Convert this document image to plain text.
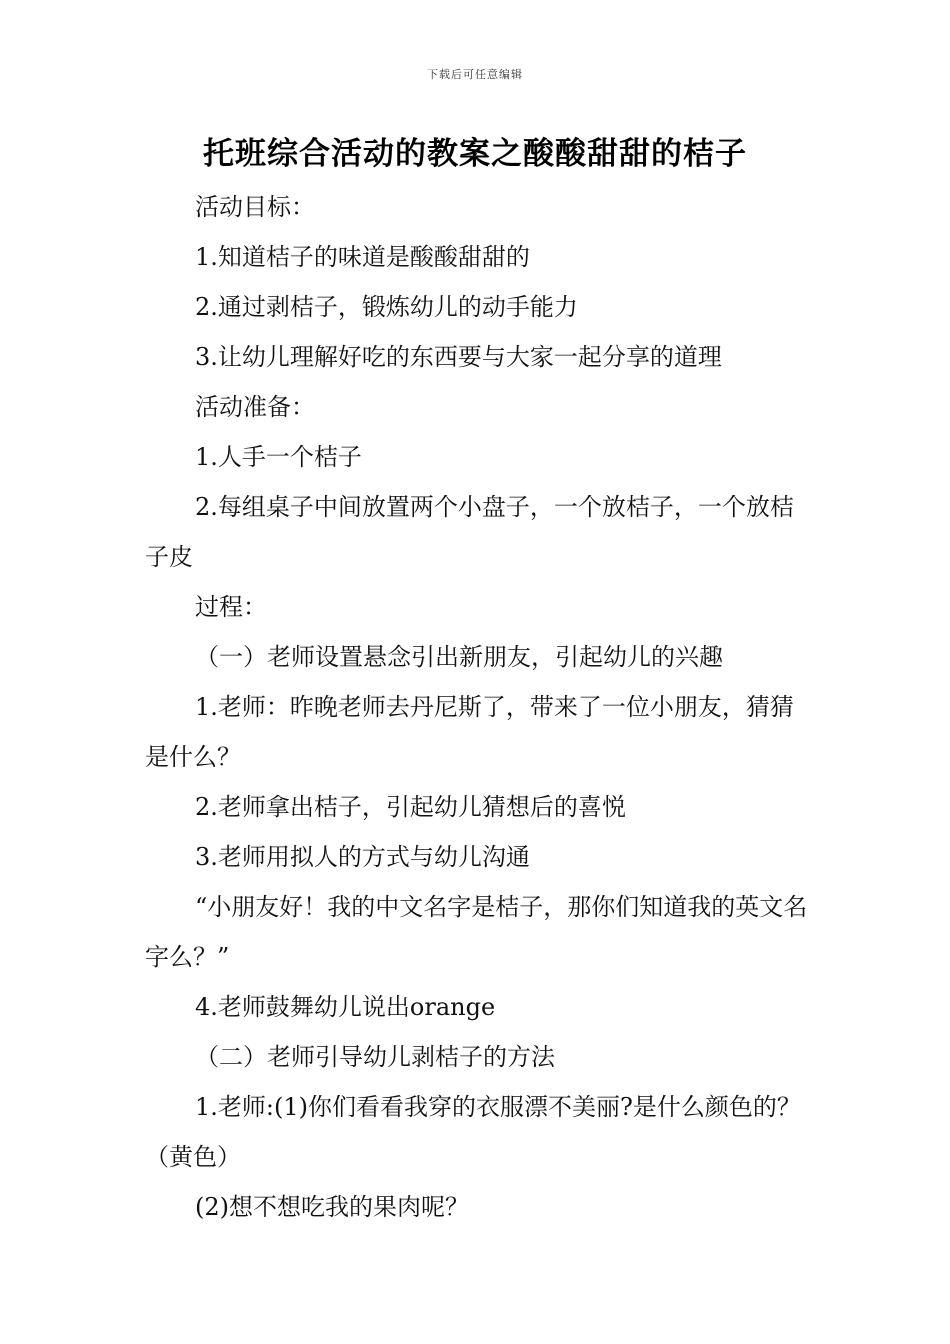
下载后可任意编辑
托班综合活动的教案之酸酸甜甜的桔子

活动目标：

1.知道桔子的味道是酸酸甜甜的

2.通过剥桔子，锻炼幼儿的动手能力

3.让幼儿理解好吃的东西要与大家一起分享的道理

活动准备：

1.人手一个桔子

2.每组桌子中间放置两个小盘子，一个放桔子，一个放桔子皮

过程：

（一）老师设置悬念引出新朋友，引起幼儿的兴趣

1.老师：昨晚老师去丹尼斯了，带来了一位小朋友，猜猜是什么？

2.老师拿出桔子，引起幼儿猜想后的喜悦

3.老师用拟人的方式与幼儿沟通

“小朋友好！我的中文名字是桔子，那你们知道我的英文名字么？”

4.老师鼓舞幼儿说出orange

（二）老师引导幼儿剥桔子的方法

1.老师:(1)你们看看我穿的衣服漂不美丽?是什么颜色的？（黄色）

(2)想不想吃我的果肉呢？
